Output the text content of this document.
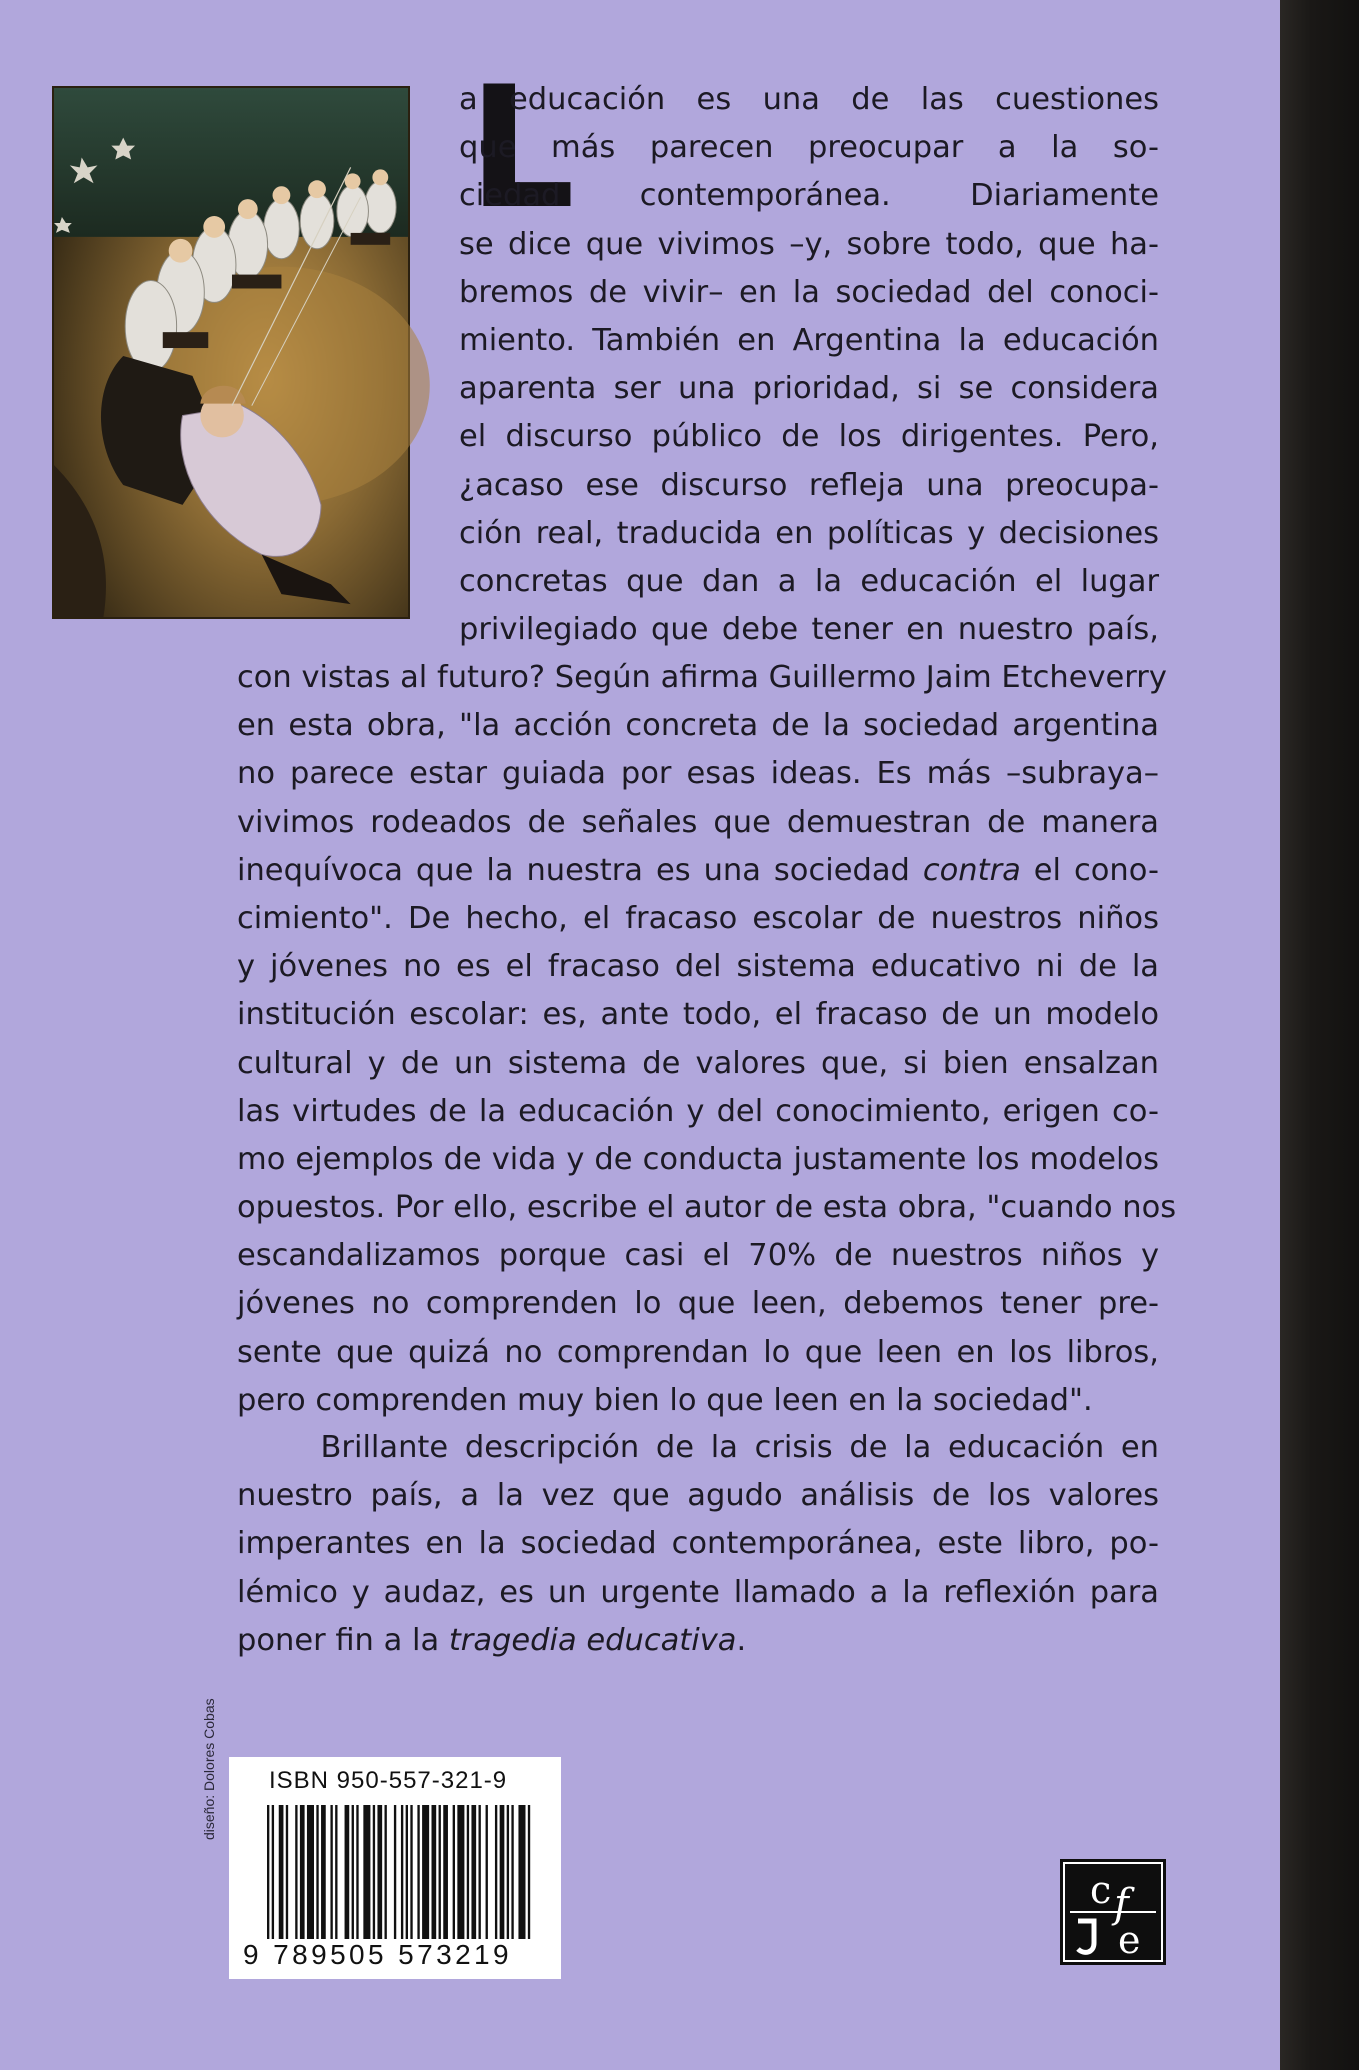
L
a educación es una de las cuestiones
que más parecen preocupar a la so-
ciedad contemporánea. Diariamente
se dice que vivimos –y, sobre todo, que ha-
bremos de vivir– en la sociedad del conoci-
miento. También en Argentina la educación
aparenta ser una prioridad, si se considera
el discurso público de los dirigentes. Pero,
¿acaso ese discurso refleja una preocupa-
ción real, traducida en políticas y decisiones
concretas que dan a la educación el lugar
privilegiado que debe tener en nuestro país,
con vistas al futuro? Según afirma Guillermo Jaim Etcheverry
en esta obra, "la acción concreta de la sociedad argentina
no parece estar guiada por esas ideas. Es más –subraya–
vivimos rodeados de señales que demuestran de manera
inequívoca que la nuestra es una sociedad contra el cono-
cimiento". De hecho, el fracaso escolar de nuestros niños
y jóvenes no es el fracaso del sistema educativo ni de la
institución escolar: es, ante todo, el fracaso de un modelo
cultural y de un sistema de valores que, si bien ensalzan
las virtudes de la educación y del conocimiento, erigen co-
mo ejemplos de vida y de conducta justamente los modelos
opuestos. Por ello, escribe el autor de esta obra, "cuando nos
escandalizamos porque casi el 70% de nuestros niños y
jóvenes no comprenden lo que leen, debemos tener pre-
sente que quizá no comprendan lo que leen en los libros,
pero comprenden muy bien lo que leen en la sociedad".
Brillante descripción de la crisis de la educación en
nuestro país, a la vez que agudo análisis de los valores
imperantes en la sociedad contemporánea, este libro, po-
lémico y audaz, es un urgente llamado a la reflexión para
poner fin a la tragedia educativa.
diseño: Dolores Cobas ISBN 950-557-321-9
9 789505 573219
c f
e
